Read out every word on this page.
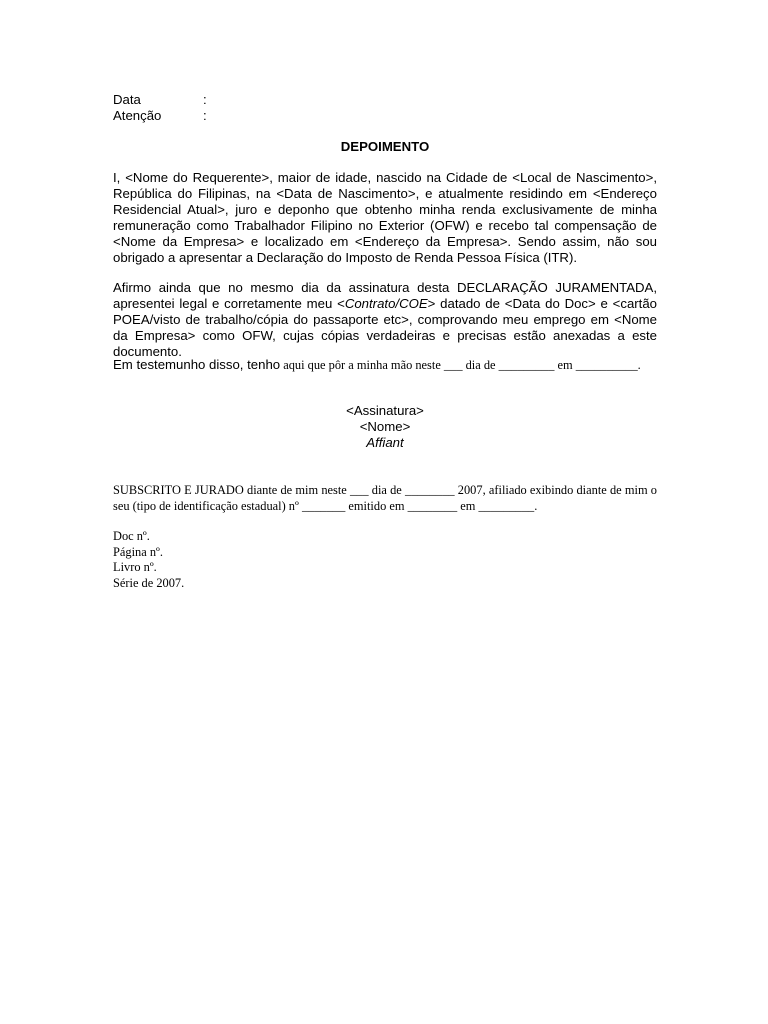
Data	:
Atenção	:
DEPOIMENTO

I, <Nome do Requerente>, maior de idade, nascido na Cidade de <Local de Nascimento>, República do Filipinas, na <Data de Nascimento>, e atualmente residindo em <Endereço Residencial Atual>, juro e deponho que obtenho minha renda exclusivamente de minha remuneração como Trabalhador Filipino no Exterior (OFW) e recebo tal compensação de <Nome da Empresa> e localizado em <Endereço da Empresa>. Sendo assim, não sou obrigado a apresentar a Declaração do Imposto de Renda Pessoa Física (ITR).

Afirmo ainda que no mesmo dia da assinatura desta DECLARAÇÃO JURAMENTADA, apresentei legal e corretamente meu <Contrato/COE> datado de <Data do Doc> e <cartão POEA/visto de trabalho/cópia do passaporte etc>, comprovando meu emprego em <Nome da Empresa> como OFW, cujas cópias verdadeiras e precisas estão anexadas a este documento.

Em testemunho disso, tenho aqui que pôr a minha mão neste ___ dia de _________ em __________.
<Assinatura>
<Nome>
Affiant

SUBSCRITO E JURADO diante de mim neste ___ dia de ________ 2007, afiliado exibindo diante de mim o seu (tipo de identificação estadual) nº _______ emitido em ________ em _________.

Doc nº.
Página nº.
Livro nº.
Série de 2007.
